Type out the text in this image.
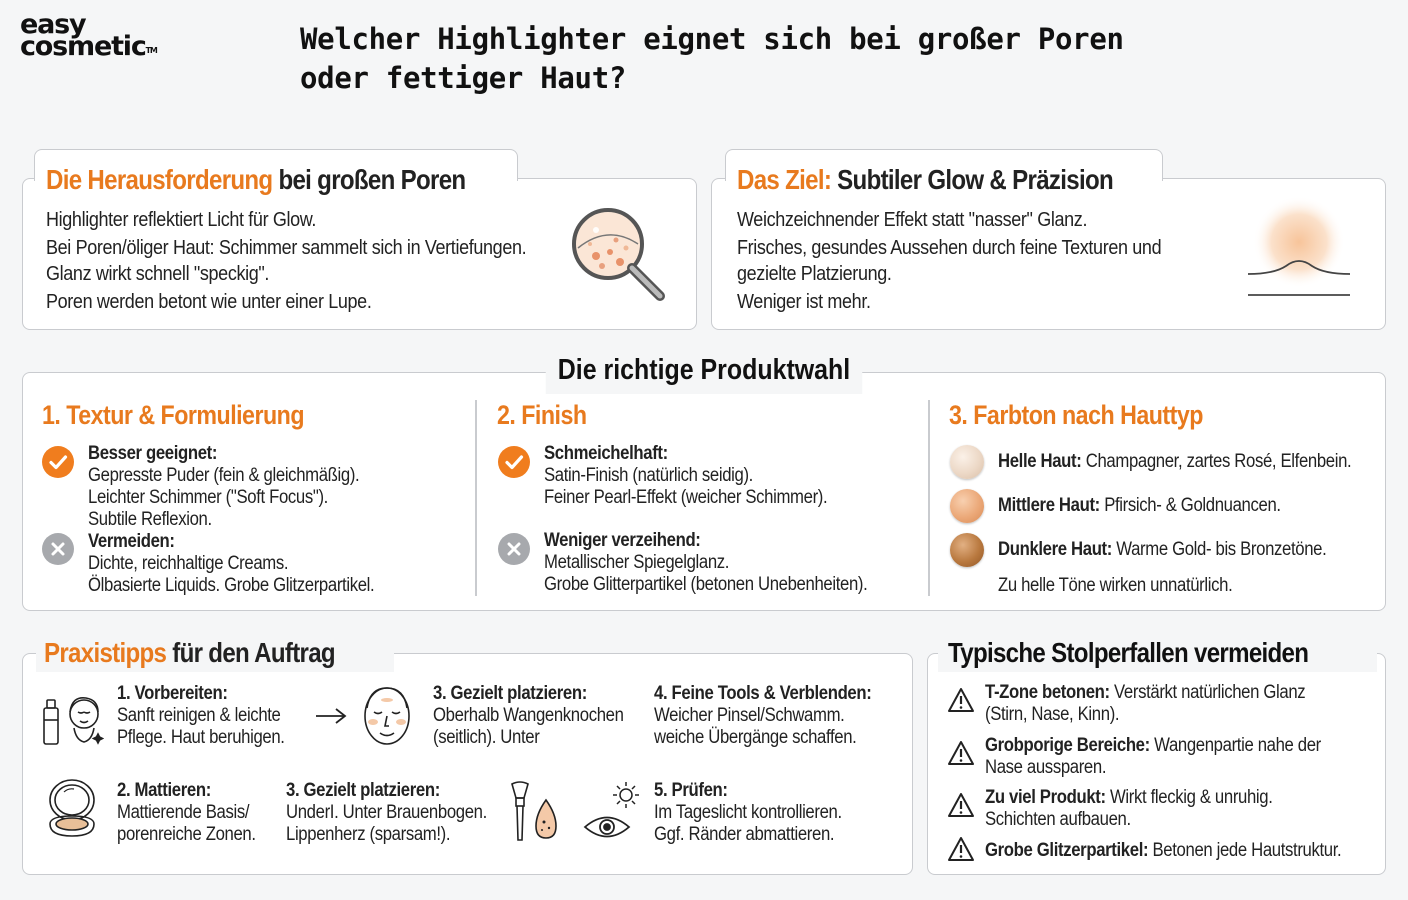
easy
cosmetic™	Welcher Highlighter eignet sich bei großer Poren oder fettiger Haut?
Die Herausforderung bei großen Poren
Highlighter reflektiert Licht für Glow.
Bei Poren/öliger Haut: Schimmer sammelt sich in Vertiefungen.
Glanz wirkt schnell "speckig".
Poren werden betont wie unter einer Lupe.
Das Ziel: Subtiler Glow & Präzision
Weichzeichnender Effekt statt "nasser" Glanz.
Frisches, gesundes Aussehen durch feine Texturen und
gezielte Platzierung.
Weniger ist mehr.
Die richtige Produktwahl
1. Textur & Formulierung
Besser geeignet:
Gepresste Puder (fein & gleichmäßig).
Leichter Schimmer ("Soft Focus").
Subtile Reflexion.
Vermeiden:
Dichte, reichhaltige Creams.
Ölbasierte Liquids. Grobe Glitzerpartikel.
2. Finish
Schmeichelhaft:
Satin-Finish (natürlich seidig).
Feiner Pearl-Effekt (weicher Schimmer).
Weniger verzeihend:
Metallischer Spiegelglanz.
Grobe Glitterpartikel (betonen Unebenheiten).
3. Farbton nach Hauttyp
Helle Haut: Champagner, zartes Rosé, Elfenbein.
Mittlere Haut: Pfirsich- & Goldnuancen.
Dunklere Haut: Warme Gold- bis Bronzetöne.
Zu helle Töne wirken unnatürlich.
Praxistipps für den Auftrag
1. Vorbereiten:
Sanft reinigen & leichte
Pflege. Haut beruhigen.
3. Gezielt platzieren:
Oberhalb Wangenknochen
(seitlich). Unter
4. Feine Tools & Verblenden:
Weicher Pinsel/Schwamm.
weiche Übergänge schaffen.
2. Mattieren:
Mattierende Basis/
porenreiche Zonen.
3. Gezielt platzieren:
UnderI. Unter Brauenbogen.
Lippenherz (sparsam!).
5. Prüfen:
Im Tageslicht kontrollieren.
Ggf. Ränder abmattieren.
Typische Stolperfallen vermeiden
T-Zone betonen: Verstärkt natürlichen Glanz
(Stirn, Nase, Kinn).
Grobporige Bereiche: Wangenpartie nahe der
Nase aussparen.
Zu viel Produkt: Wirkt fleckig & unruhig.
Schichten aufbauen.
Grobe Glitzerpartikel: Betonen jede Hautstruktur.
